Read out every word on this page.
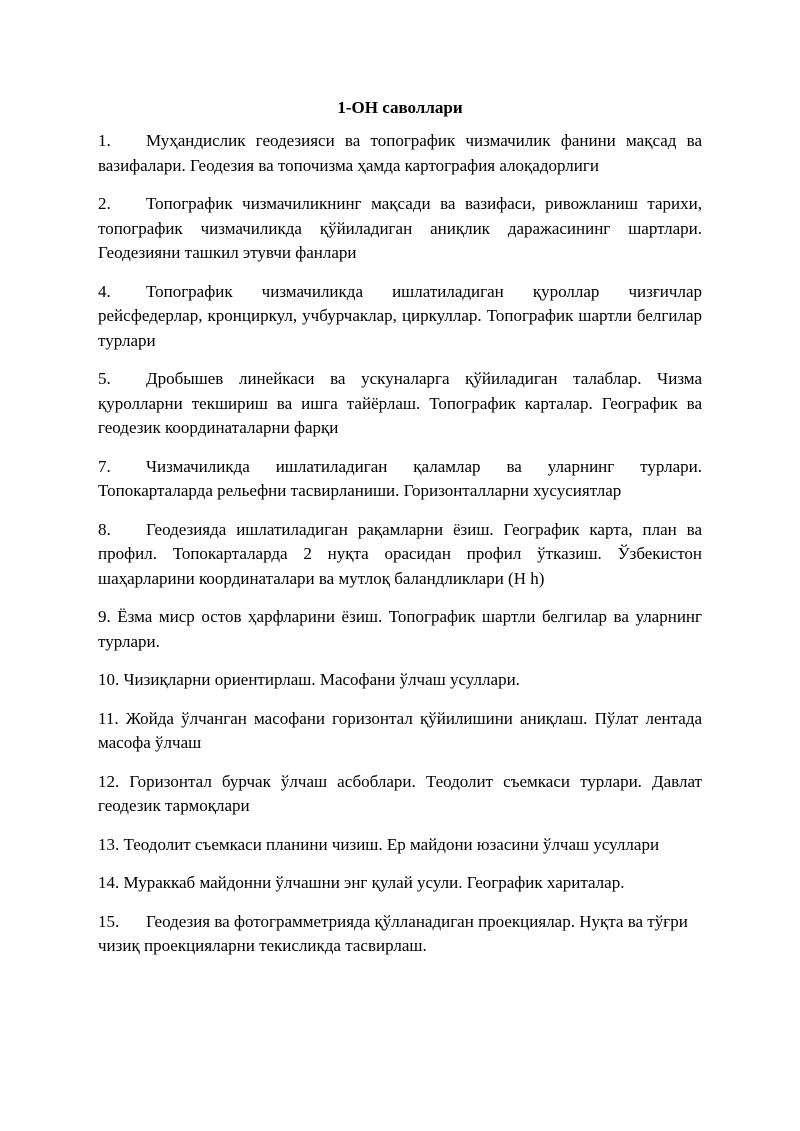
1-ОН саволлари

1. Муҳандислик геодезияси ва топографик чизмачилик фанини мақсад ва вазифалари. Геодезия ва топочизма ҳамда картография алоқадорлиги

2. Топографик чизмачиликнинг мақсади ва вазифаси, ривожланиш тарихи, топографик чизмачиликда қўйиладиган аниқлик даражасининг шартлари. Геодезияни ташкил этувчи фанлари

4. Топографик чизмачиликда ишлатиладиган қуроллар чизғичлар рейсфедерлар, кронциркул, учбурчаклар, циркуллар. Топографик шартли белгилар турлари

5. Дробышев линейкаси ва ускуналарга қўйиладиган талаблар. Чизма қуролларни текшириш ва ишга тайёрлаш. Топографик карталар. Географик ва геодезик координаталарни фарқи

7. Чизмачиликда ишлатиладиган қаламлар ва уларнинг турлари. Топокарталарда рельефни тасвирланиши. Горизонталларни хусусиятлар

8. Геодезияда ишлатиладиган рақамларни ёзиш. Географик карта, план ва профил. Топокарталарда 2 нуқта орасидан профил ўтказиш. Ўзбекистон шаҳарларини координаталари ва мутлоқ баландликлари (H h)

9. Ёзма миср остов ҳарфларини ёзиш. Топографик шартли белгилар ва уларнинг турлари.

10. Чизиқларни ориентирлаш. Масофани ўлчаш усуллари.

11. Жойда ўлчанган масофани горизонтал қўйилишини аниқлаш. Пўлат лентада масофа ўлчаш

12. Горизонтал бурчак ўлчаш асбоблари. Теодолит съемкаси турлари. Давлат геодезик тармоқлари

13. Теодолит съемкаси планини чизиш. Ер майдони юзасини ўлчаш усуллари

14. Мураккаб майдонни ўлчашни энг қулай усули. Географик хариталар.

15. Геодезия ва фотограмметрияда қўлланадиган проекциялар. Нуқта ва тўғри чизиқ проекцияларни текисликда тасвирлаш.
